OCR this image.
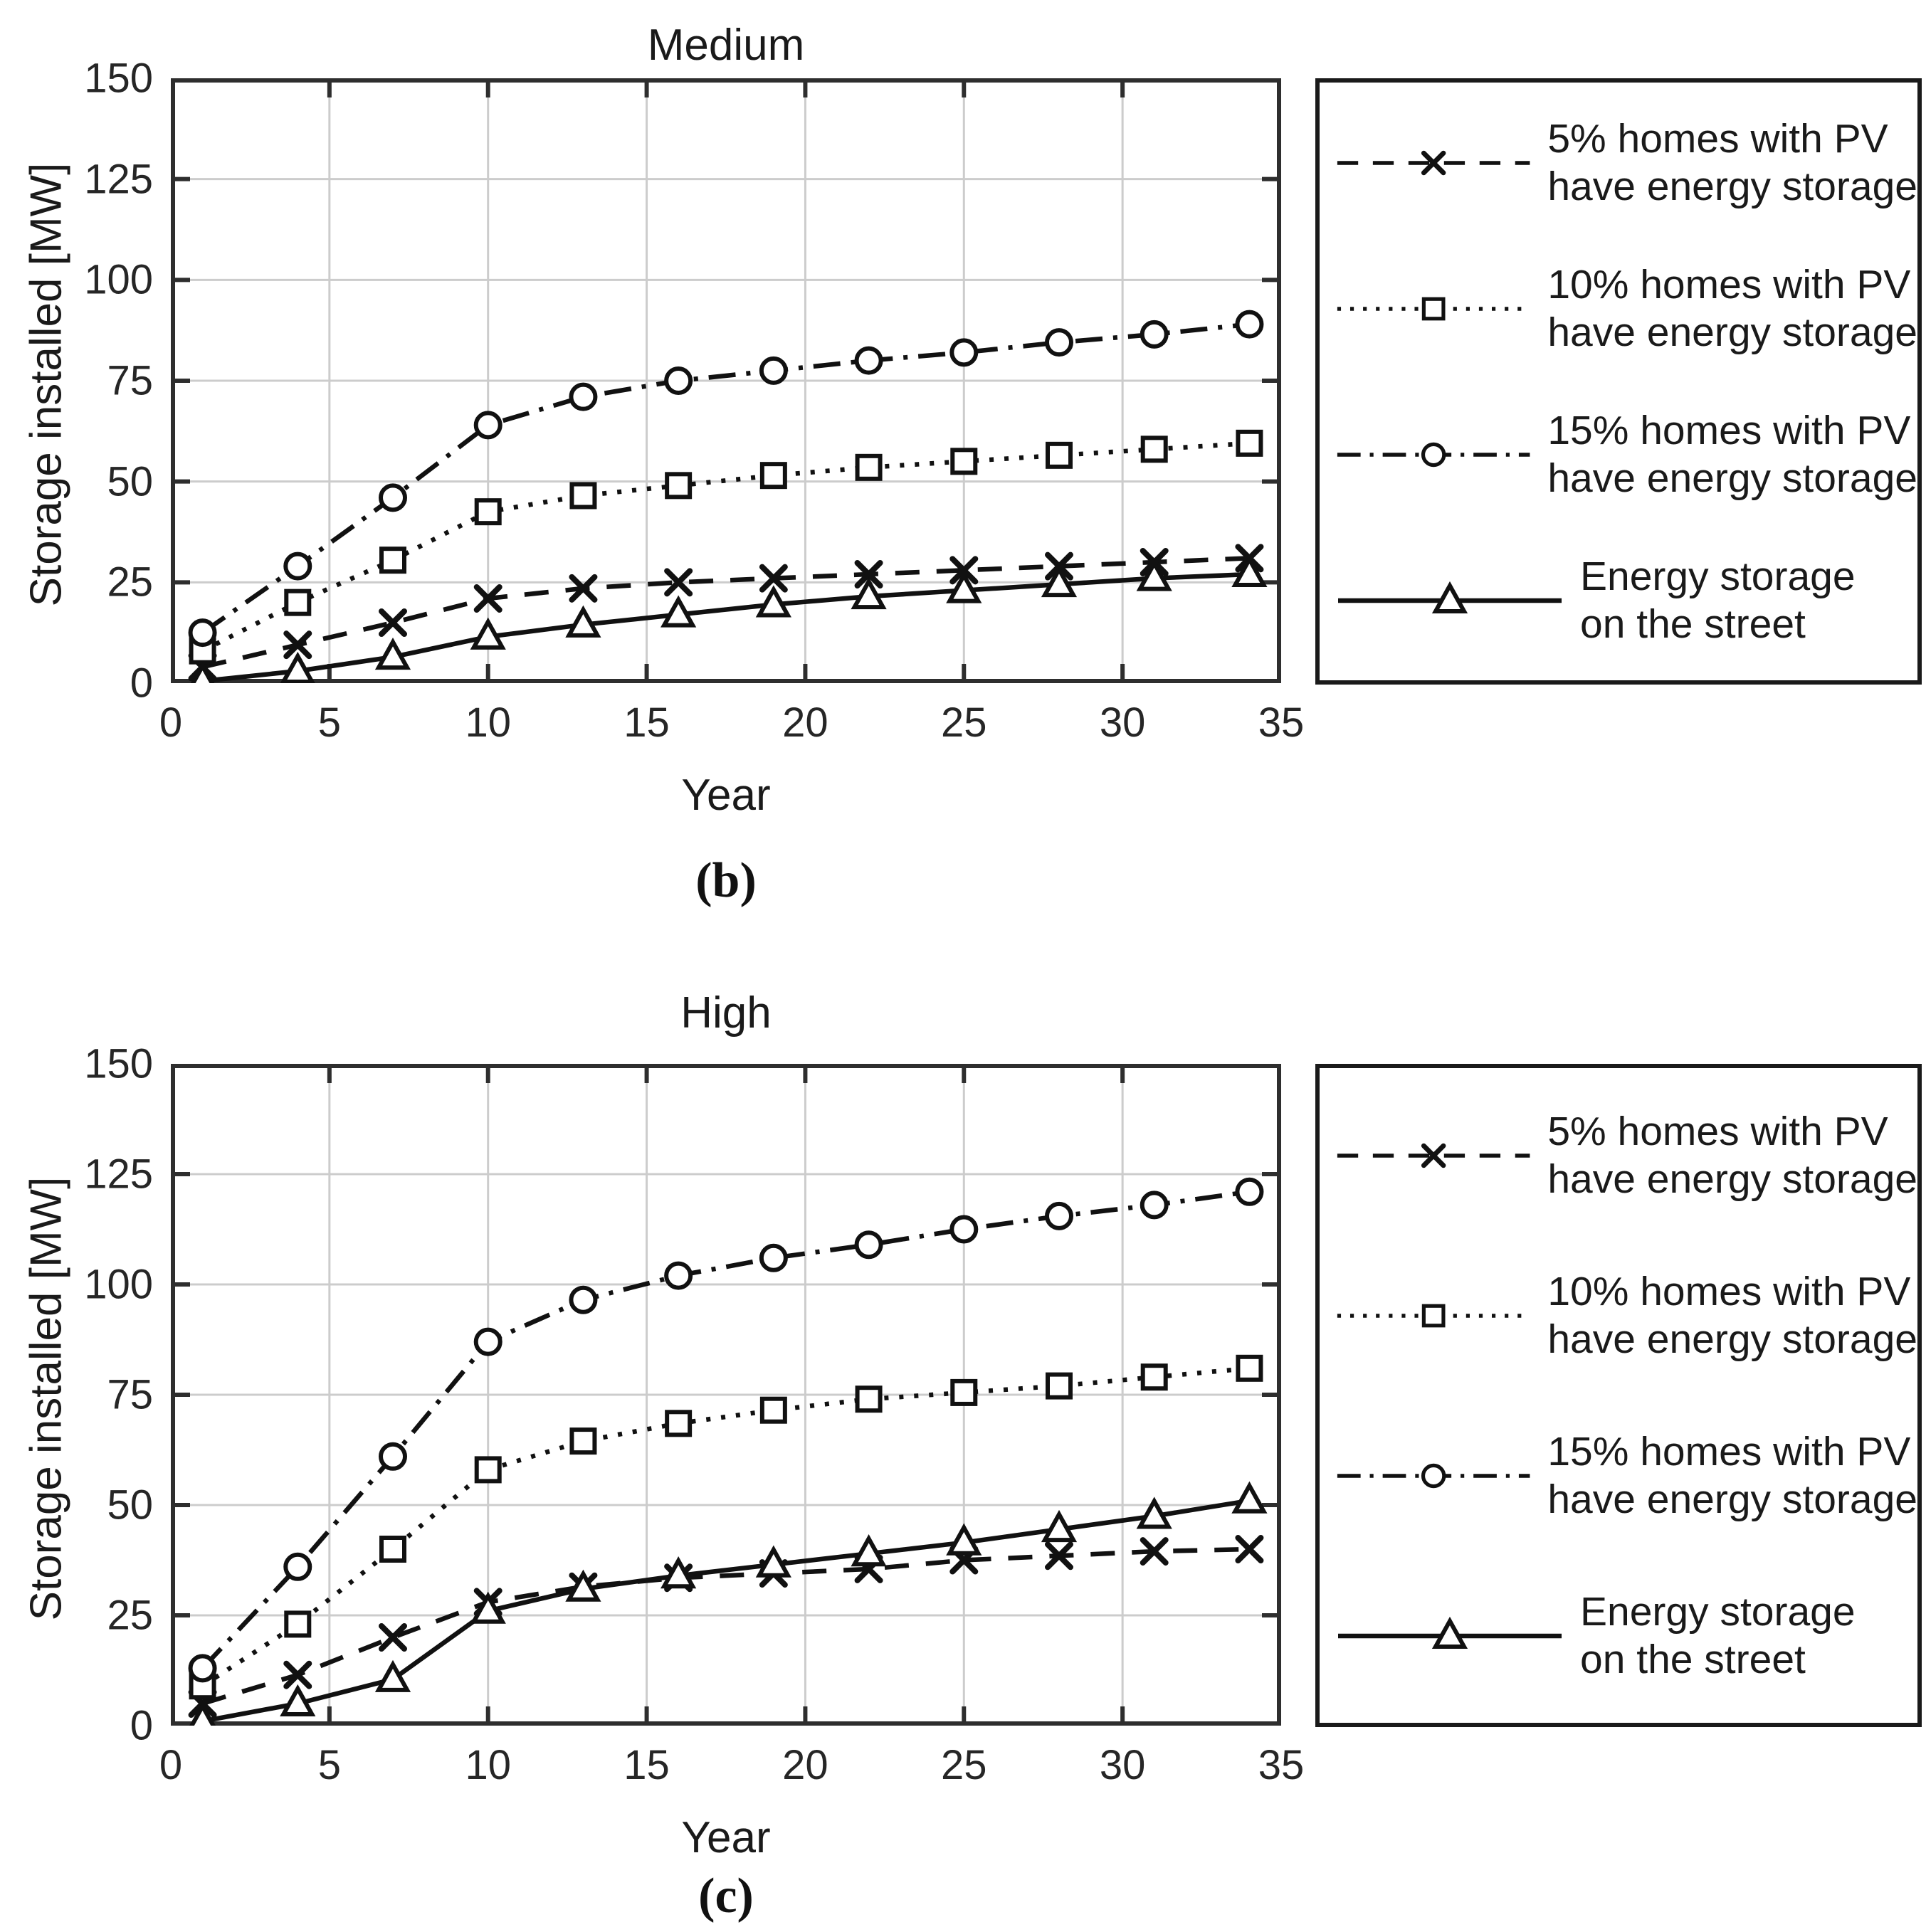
Medium
Storage installed [MW]
0
25
50
75
100
125
150
0	5	10	15	20	25	30	35
Year
5% homes with PV
have energy storage
10% homes with PV
have energy storage
15% homes with PV
have energy storage
Energy storage
on the street
(b)
High
Storage installed [MW]
0
25
50
75
100
125
150
0	5	10	15	20	25	30	35
Year
5% homes with PV
have energy storage
10% homes with PV
have energy storage
15% homes with PV
have energy storage
Energy storage
on the street
(c)
